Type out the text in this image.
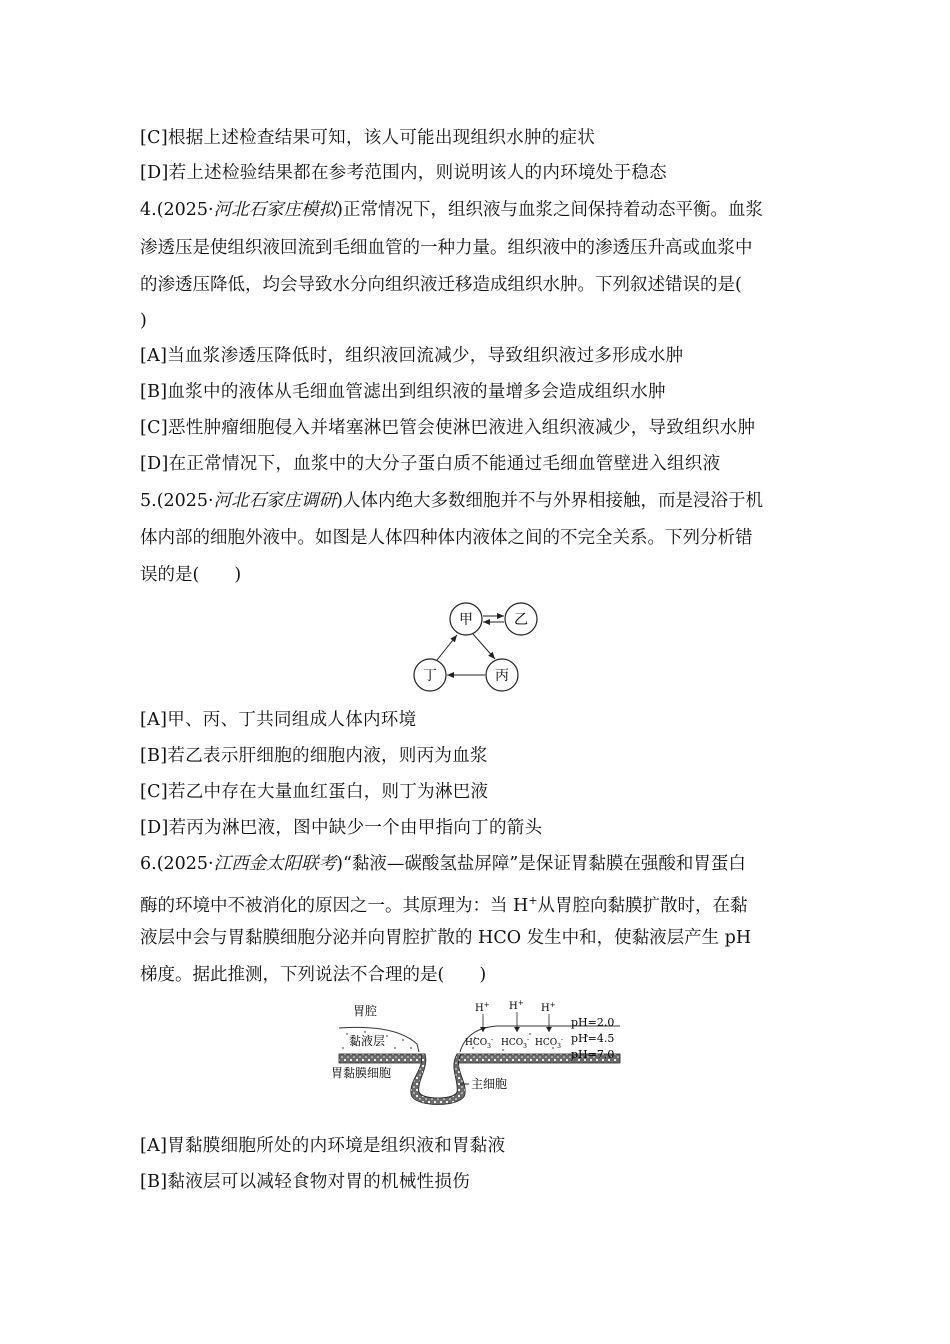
[C]根据上述检查结果可知，该人可能出现组织水肿的症状
[D]若上述检验结果都在参考范围内，则说明该人的内环境处于稳态
4.(2025·河北石家庄模拟)正常情况下，组织液与血浆之间保持着动态平衡。血浆
渗透压是使组织液回流到毛细血管的一种力量。组织液中的渗透压升高或血浆中
的渗透压降低，均会导致水分向组织液迁移造成组织水肿。下列叙述错误的是(
)
[A]当血浆渗透压降低时，组织液回流减少，导致组织液过多形成水肿
[B]血浆中的液体从毛细血管滤出到组织液的量增多会造成组织水肿
[C]恶性肿瘤细胞侵入并堵塞淋巴管会使淋巴液进入组织液减少，导致组织水肿
[D]在正常情况下，血浆中的大分子蛋白质不能通过毛细血管壁进入组织液
5.(2025·河北石家庄调研)人体内绝大多数细胞并不与外界相接触，而是浸浴于机
体内部的细胞外液中。如图是人体四种体内液体之间的不完全关系。下列分析错
误的是(　　)
甲	乙
丁	丙
[A]甲、丙、丁共同组成人体内环境
[B]若乙表示肝细胞的细胞内液，则丙为血浆
[C]若乙中存在大量血红蛋白，则丁为淋巴液
[D]若丙为淋巴液，图中缺少一个由甲指向丁的箭头
6.(2025·江西金太阳联考)“黏液—碳酸氢盐屏障”是保证胃黏膜在强酸和胃蛋白
酶的环境中不被消化的原因之一。其原理为：当 H+从胃腔向黏膜扩散时，在黏
液层中会与胃黏膜细胞分泌并向胃腔扩散的 HCO 发生中和，使黏液层产生 pH
梯度。据此推测，下列说法不合理的是(　　)
胃腔
黏液层
胃黏膜细胞
主细胞
H+ H+ H+
$HCO_3^-$ $HCO_3^-$ $HCO_3^-$
pH=2.0
pH=4.5
pH=7.0
[A]胃黏膜细胞所处的内环境是组织液和胃黏液
[B]黏液层可以减轻食物对胃的机械性损伤
